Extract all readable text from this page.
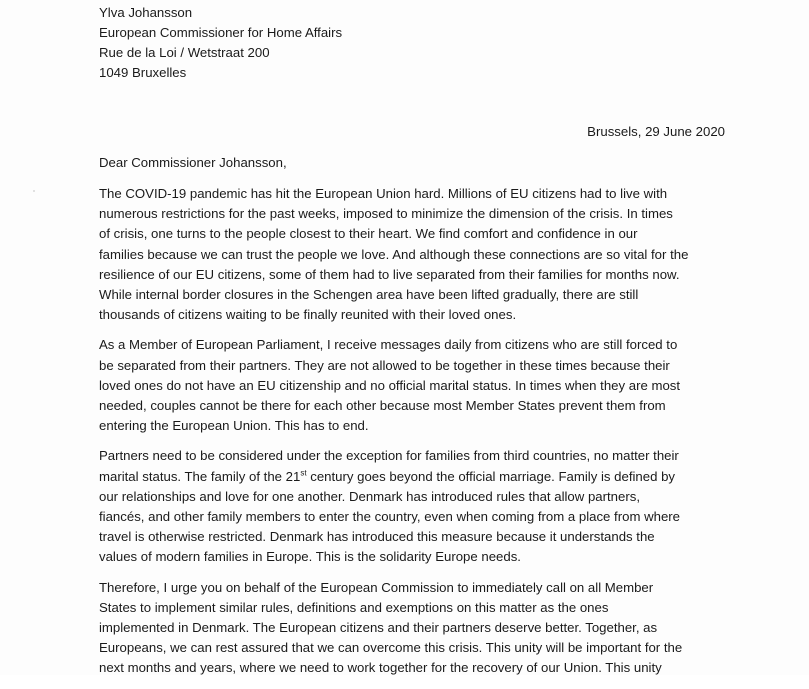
Ylva Johansson
European Commissioner for Home Affairs
Rue de la Loi / Wetstraat 200
1049 Bruxelles
Brussels, 29 June 2020
Dear Commissioner Johansson,

The COVID-19 pandemic has hit the European Union hard. Millions of EU citizens had to live with
numerous restrictions for the past weeks, imposed to minimize the dimension of the crisis. In times
of crisis, one turns to the people closest to their heart. We find comfort and confidence in our
families because we can trust the people we love. And although these connections are so vital for the
resilience of our EU citizens, some of them had to live separated from their families for months now.
While internal border closures in the Schengen area have been lifted gradually, there are still
thousands of citizens waiting to be finally reunited with their loved ones.

As a Member of European Parliament, I receive messages daily from citizens who are still forced to
be separated from their partners. They are not allowed to be together in these times because their
loved ones do not have an EU citizenship and no official marital status. In times when they are most
needed, couples cannot be there for each other because most Member States prevent them from
entering the European Union. This has to end.

Partners need to be considered under the exception for families from third countries, no matter their
marital status. The family of the 21st century goes beyond the official marriage. Family is defined by
our relationships and love for one another. Denmark has introduced rules that allow partners,
fiancés, and other family members to enter the country, even when coming from a place from where
travel is otherwise restricted. Denmark has introduced this measure because it understands the
values of modern families in Europe. This is the solidarity Europe needs.

Therefore, I urge you on behalf of the European Commission to immediately call on all Member
States to implement similar rules, definitions and exemptions on this matter as the ones
implemented in Denmark. The European citizens and their partners deserve better. Together, as
Europeans, we can rest assured that we can overcome this crisis. This unity will be important for the
next months and years, where we need to work together for the recovery of our Union. This unity
